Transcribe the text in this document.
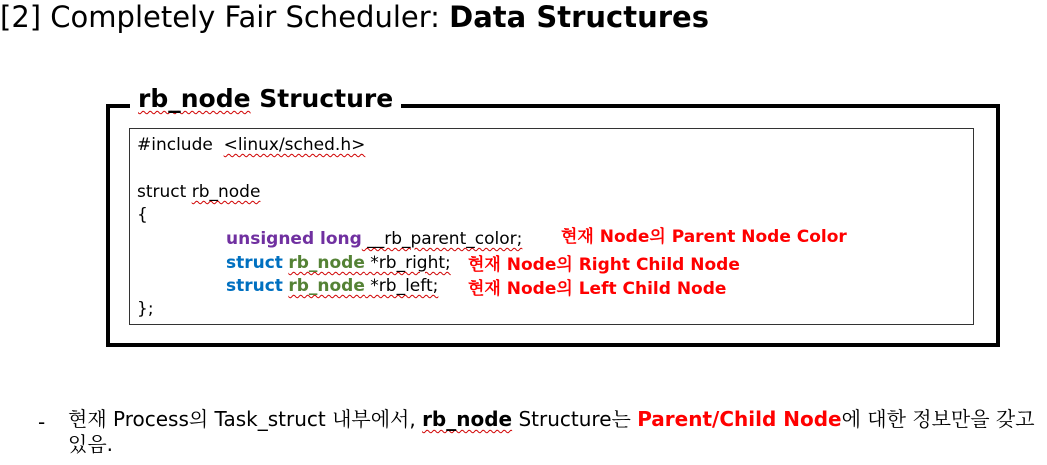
[2] Completely Fair Scheduler: Data Structures
rb_node Structure
#include <linux/sched.h>
struct rb_node
{
unsigned long __rb_parent_color; 현재 Node의 Parent Node Color
struct rb_node *rb_right; 현재 Node의 Right Child Node
struct rb_node *rb_left; 현재 Node의 Left Child Node
};
- 현재 Process의 Task_struct 내부에서, rb_node Structure는 Parent/Child Node에 대한 정보만을 갖고 있음.
